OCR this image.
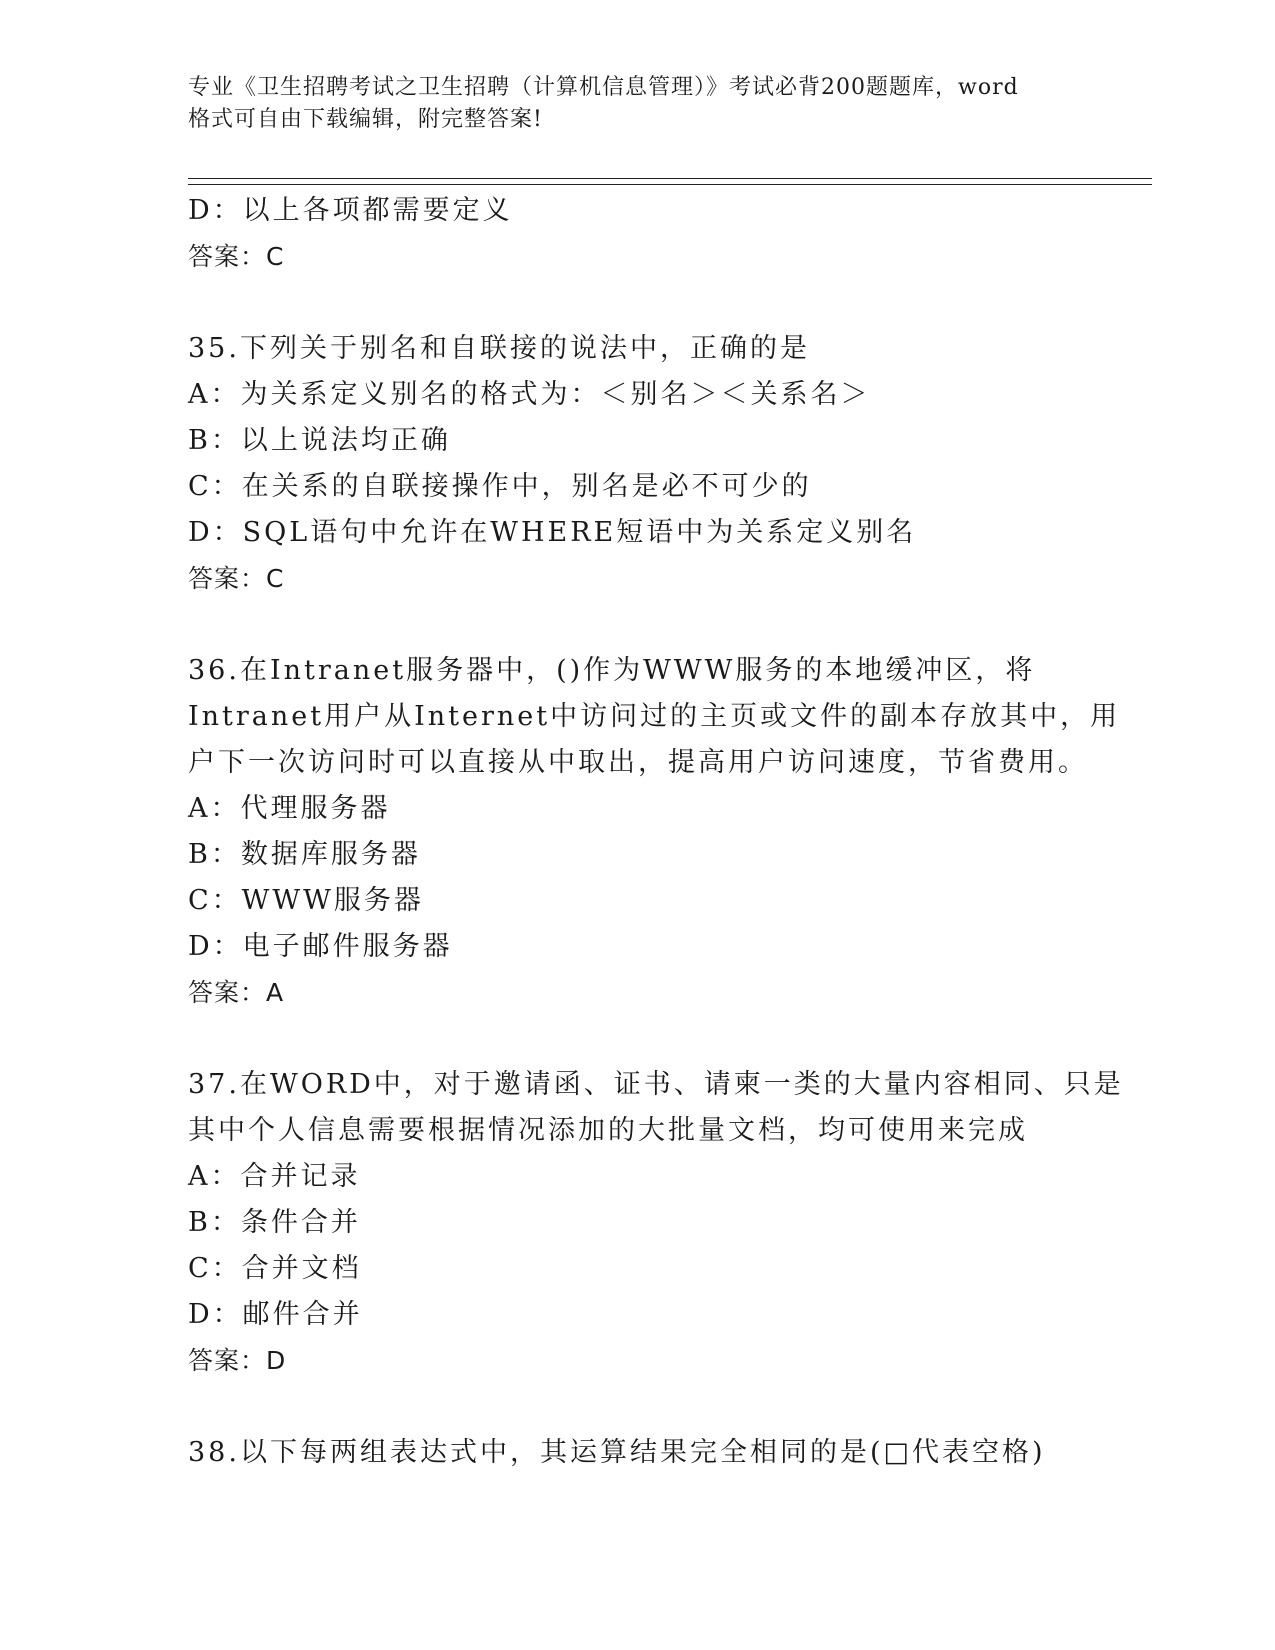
专业《卫生招聘考试之卫生招聘（计算机信息管理）》考试必背200题题库，word
格式可自由下载编辑，附完整答案!
D：以上各项都需要定义
答案：C
35.下列关于别名和自联接的说法中，正确的是
A：为关系定义别名的格式为：＜别名＞＜关系名＞
B：以上说法均正确
C：在关系的自联接操作中，别名是必不可少的
D：SQL语句中允许在WHERE短语中为关系定义别名
答案：C
36.在Intranet服务器中，()作为WWW服务的本地缓冲区，将
Intranet用户从Internet中访问过的主页或文件的副本存放其中，用
户下一次访问时可以直接从中取出，提高用户访问速度，节省费用。
A：代理服务器
B：数据库服务器
C：WWW服务器
D：电子邮件服务器
答案：A
37.在WORD中，对于邀请函、证书、请柬一类的大量内容相同、只是
其中个人信息需要根据情况添加的大批量文档，均可使用来完成
A：合并记录
B：条件合并
C：合并文档
D：邮件合并
答案：D
38.以下每两组表达式中，其运算结果完全相同的是(□代表空格)
